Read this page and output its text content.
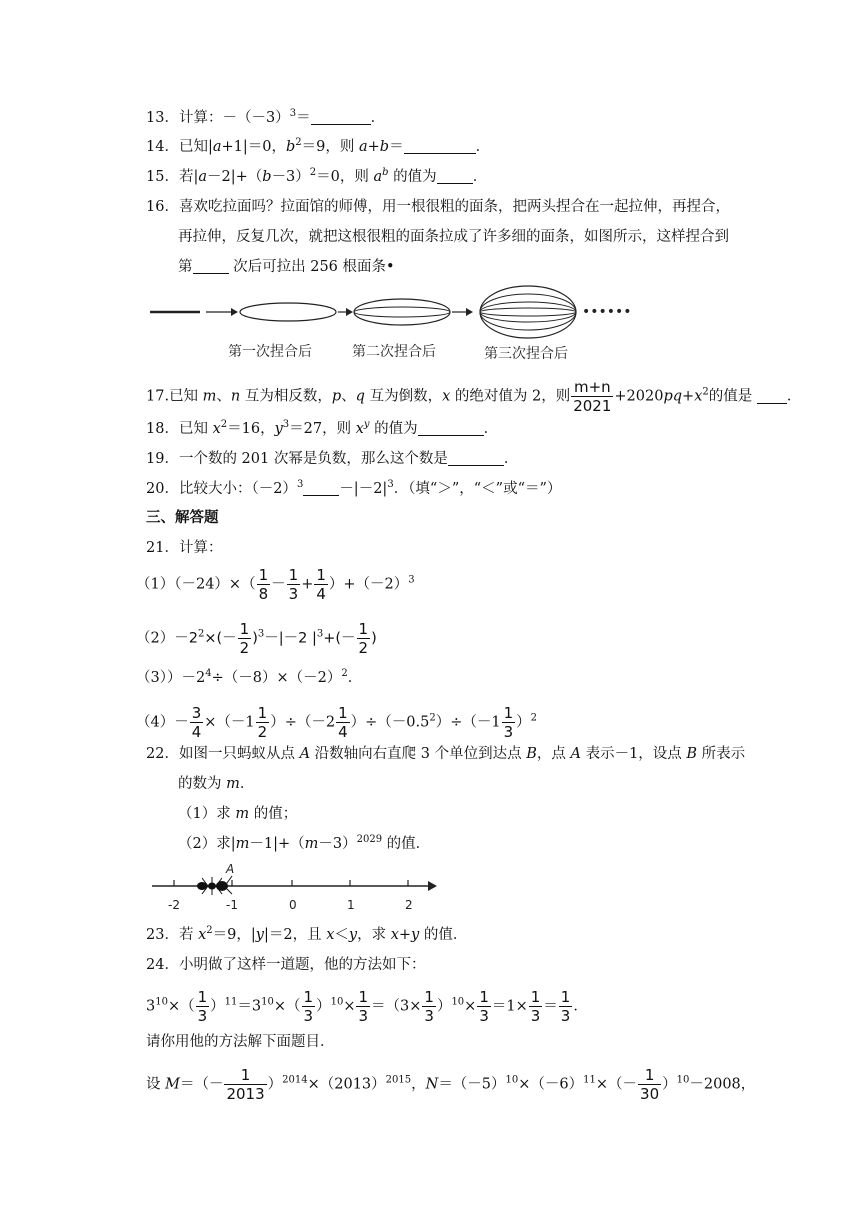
13．计算：$-(-3)^3=$	．
14．已知|a+1|＝0，$b^2=9$，则 a+b＝	．
15．若$|a-2|+(b-3)^2=0$，则 $a^b$ 的值为 ．
16．喜欢吃拉面吗？拉面馆的师傅，用一根很粗的面条，把两头捏合在一起拉伸，再捏合，
再拉伸，反复几次，就把这根很粗的面条拉成了许多细的面条，如图所示，这样捏合到
第 次后可拉出 256 根面条•
••••••
第一次捏合后	第二次捏合后	第三次捏合后
17.已知 m、n 互为相反数，p、q 互为倒数，x 的绝对值为 2，则 $\frac{m+n}{2021} +2020pq+x^2$的值是 ．
18．已知 $x^2=16$，$y^3=27$，则 $x^y$ 的值为	．
19．一个数的 201 次幂是负数，那么这个数是	．
20．比较大小：$(-2)^3 -|-2|^3$．（填“＞”，“＜”或“＝”）
三、解答题
21．计算：
$(1)(-24)\times( \frac{1}{8} - \frac{1}{3} + \frac{1}{4} )+(-2)^3$
$(2)-2^2\times(- \frac{1}{2} )^3-|-2$ $|^3+(- \frac{1}{2}$ )
$(3))-2^4\div(-8)\times(-2)^2$．
$(4)- \frac{3}{4} \times(-1 \frac{1}{2} )\div(-2 \frac{1}{4} )\div(-0.5^2)\div(-1 \frac{1}{3} )^2$
22．如图一只蚂蚁从点 A 沿数轴向右直爬 3 个单位到达点 B，点 A 表示－1，设点 B 所表示
的数为 m．
（1）求 m 的值；
（2）求$|m-1|+(m-3)^{2029}$ 的值．
-2	-1	0	1	2
A
23．若 $x^2=9$，|y|＝2，且 x＜y，求 x+y 的值．
24．小明做了这样一道题，他的方法如下：
$3^{10}\times( \frac{1}{3} )^{11}=3^{10}\times( \frac{1}{3} )^{10}\times \frac{1}{3} =(3\times \frac{1}{3} )^{10}\times \frac{1}{3} =1\times \frac{1}{3} = \frac{1}{3}$ ．
请你用他的方法解下面题目．
设 $M=(- \frac{1}{2013} )^{2014}\times(2013)^{2015}$，$N=(-5)^{10}\times(-6)^{11}\times(- \frac{1}{30} )^{10}-2008$，
